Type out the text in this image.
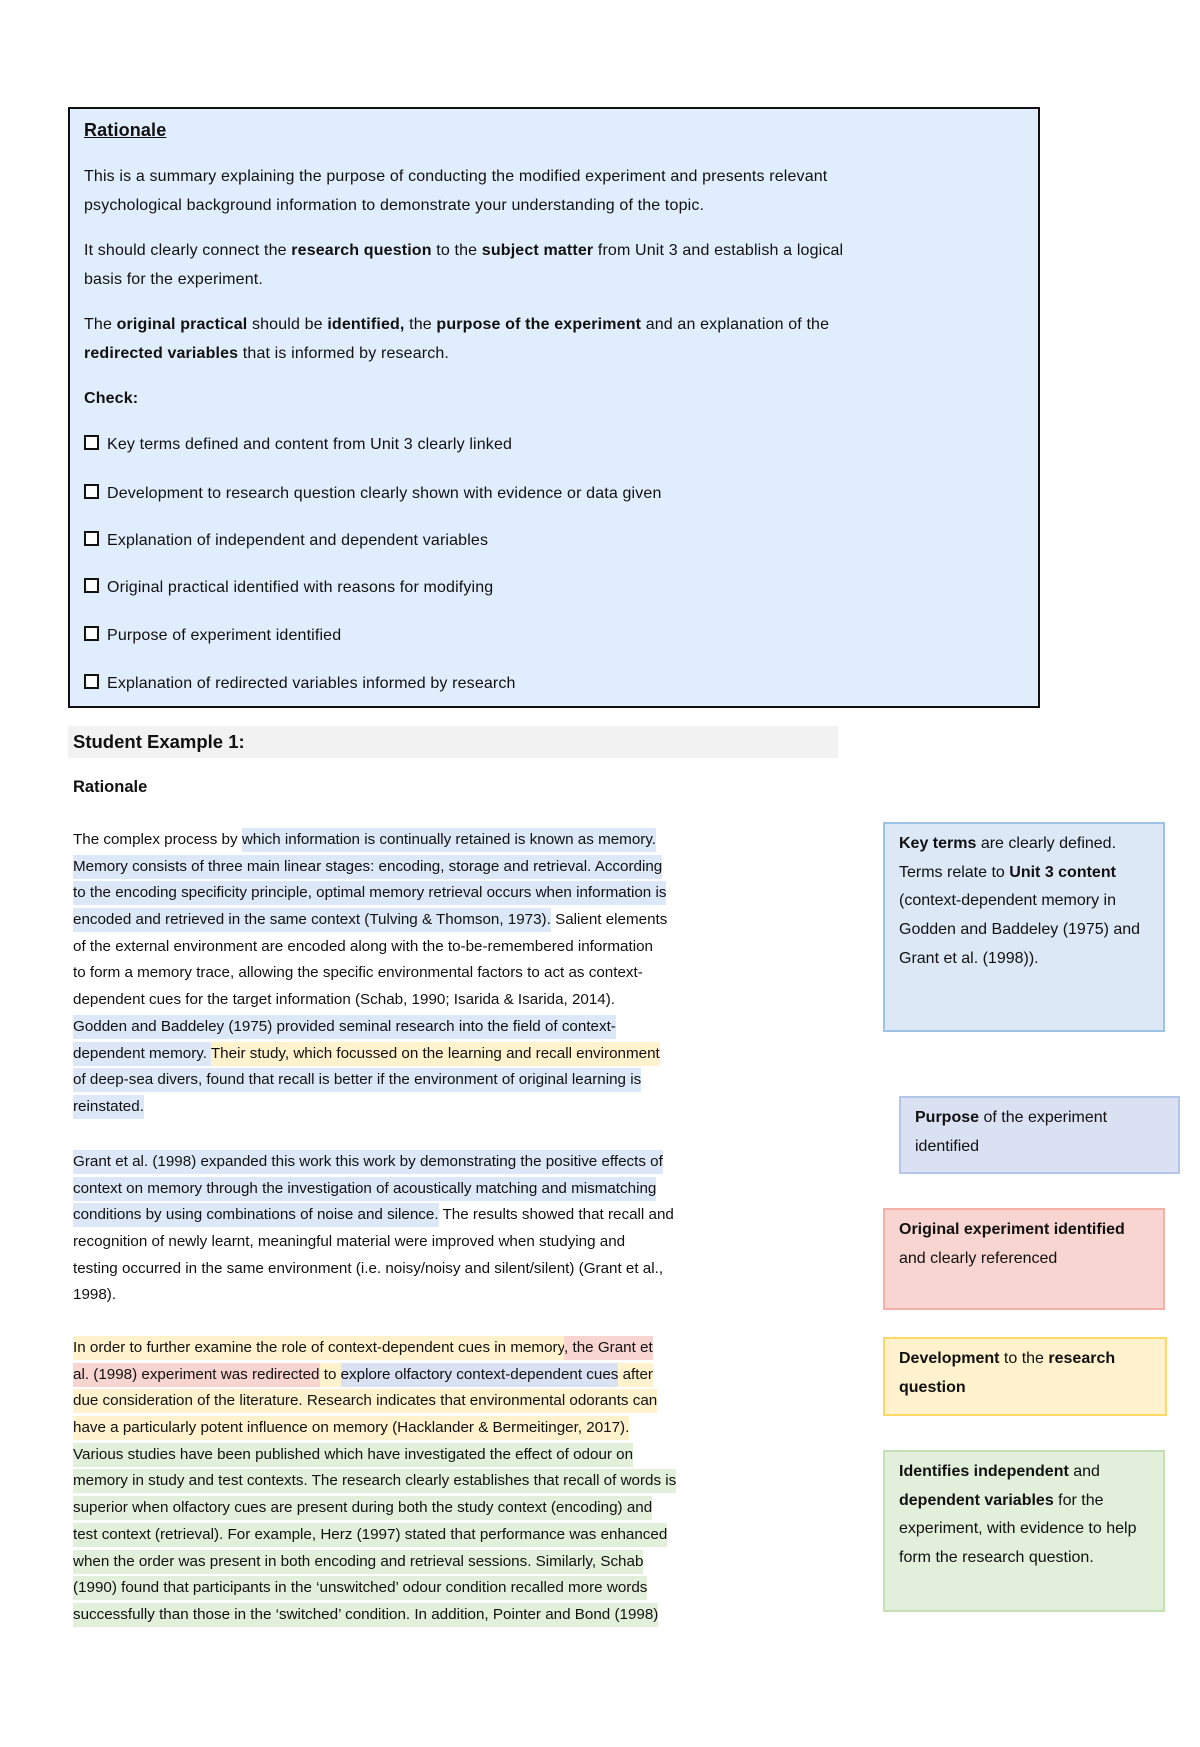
Rationale
This is a summary explaining the purpose of conducting the modified experiment and presents relevant
psychological background information to demonstrate your understanding of the topic.
It should clearly connect the research question to the subject matter from Unit 3 and establish a logical
basis for the experiment.
The original practical should be identified, the purpose of the experiment and an explanation of the
redirected variables that is informed by research.
Check:
Key terms defined and content from Unit 3 clearly linked
Development to research question clearly shown with evidence or data given
Explanation of independent and dependent variables
Original practical identified with reasons for modifying
Purpose of experiment identified
Explanation of redirected variables informed by research
Student Example 1:
Rationale
The complex process by which information is continually retained is known as memory.
Memory consists of three main linear stages: encoding, storage and retrieval. According
to the encoding specificity principle, optimal memory retrieval occurs when information is
encoded and retrieved in the same context (Tulving & Thomson, 1973). Salient elements
of the external environment are encoded along with the to-be-remembered information
to form a memory trace, allowing the specific environmental factors to act as context-
dependent cues for the target information (Schab, 1990; Isarida & Isarida, 2014).
Godden and Baddeley (1975) provided seminal research into the field of context-
dependent memory. Their study, which focussed on the learning and recall environment
of deep-sea divers, found that recall is better if the environment of original learning is
reinstated.
Grant et al. (1998) expanded this work this work by demonstrating the positive effects of
context on memory through the investigation of acoustically matching and mismatching
conditions by using combinations of noise and silence. The results showed that recall and
recognition of newly learnt, meaningful material were improved when studying and
testing occurred in the same environment (i.e. noisy/noisy and silent/silent) (Grant et al.,
1998).
In order to further examine the role of context-dependent cues in memory, the Grant et
al. (1998) experiment was redirected to explore olfactory context-dependent cues after
due consideration of the literature. Research indicates that environmental odorants can
have a particularly potent influence on memory (Hacklander & Bermeitinger, 2017).
Various studies have been published which have investigated the effect of odour on
memory in study and test contexts. The research clearly establishes that recall of words is
superior when olfactory cues are present during both the study context (encoding) and
test context (retrieval). For example, Herz (1997) stated that performance was enhanced
when the order was present in both encoding and retrieval sessions. Similarly, Schab
(1990) found that participants in the ‘unswitched’ odour condition recalled more words
successfully than those in the ‘switched’ condition. In addition, Pointer and Bond (1998)
Key terms are clearly defined. Terms relate to Unit 3 content (context-dependent memory in Godden and Baddeley (1975) and Grant et al. (1998)).
Purpose of the experiment identified
Original experiment identified and clearly referenced
Development to the research question
Identifies independent and dependent variables for the experiment, with evidence to help form the research question.
